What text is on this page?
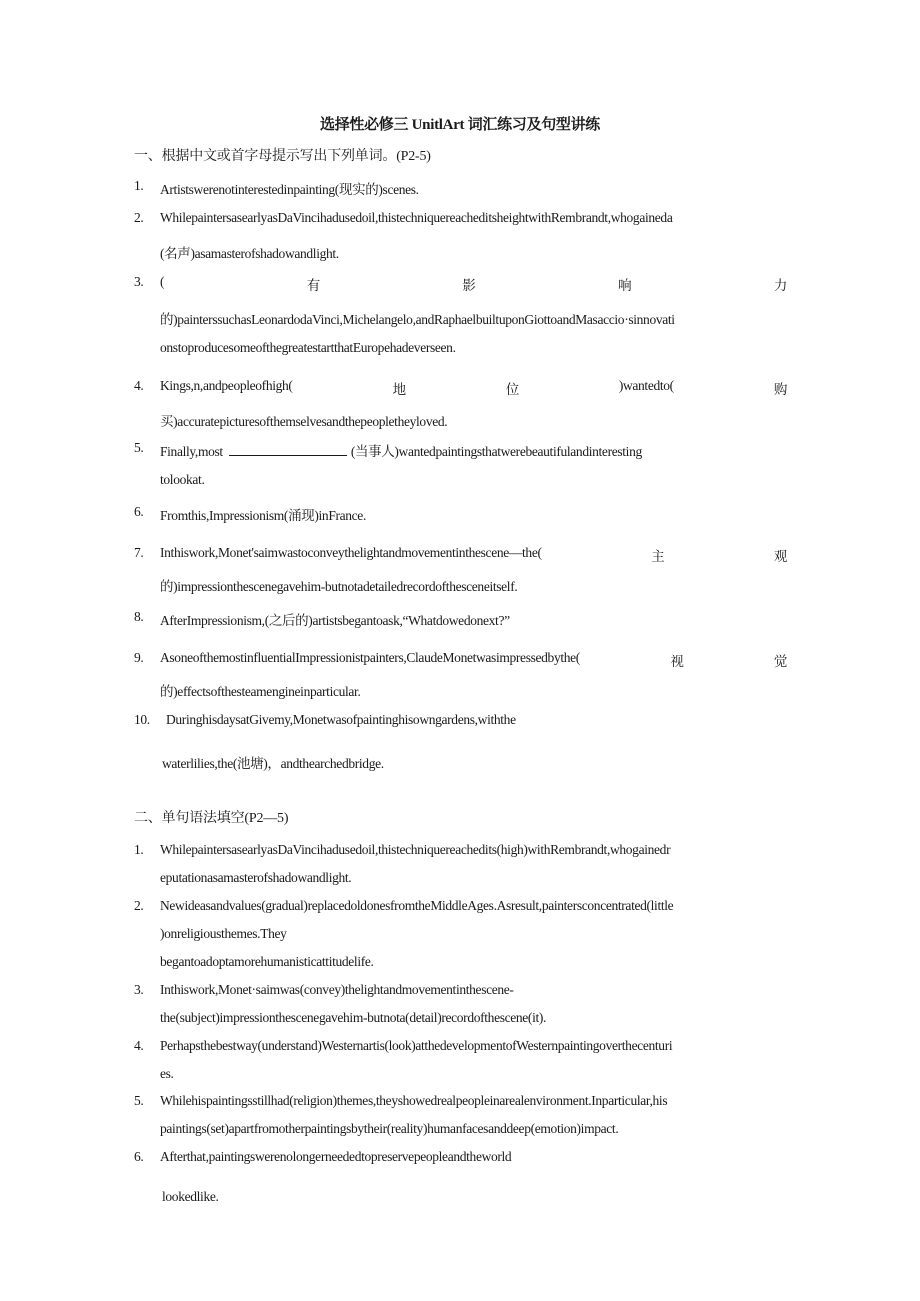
选择性必修三 UnitlArt 词汇练习及句型讲练
一、根据中文或首字母提示写出下列单词。(P2-5)
1. Artistswerenotinterestedinpainting(现实的)scenes.
2. WhilepaintersasearlyasDaVincihadusedoil,thistechniquereacheditsheightwithRembrandt,whogaineda
(名声)asamasterofshadowandlight.
3. (	有	影	响	力
的)painterssuchasLeonardodaVinci,Michelangelo,andRaphaelbuiltuponGiottoandMasaccio·sinnovati
onstoproducesomeofthegreatestartthatEuropehadeverseen.
4. Kings,n,andpeopleofhigh(	地	位	)wantedto(	购
买)accuratepicturesofthemselvesandthepeopletheyloved.
5. Finally,most	(当事人)wantedpaintingsthatwerebeautifulandinteresting
tolookat.
6. Fromthis,Impressionism(涌现)inFrance.
7. Inthiswork,Monet'saimwastoconveythelightandmovementinthescene—the(	主	观
的)impressionthescenegavehim-butnotadetailedrecordofthesceneitself.
8. AfterImpressionism,(之后的)artistsbegantoask,“Whatdowedonext?”
9. AsoneofthemostinfluentialImpressionistpainters,ClaudeMonetwasimpressedbythe(	视	觉
的)effectsofthesteamengineinparticular.
10. DuringhisdaysatGivemy,Monetwasofpaintinghisowngardens,withthe
waterlilies,the(池塘)，andthearchedbridge.
二、单句语法填空(P2—5)
1. WhilepaintersasearlyasDaVincihadusedoil,thistechniquereachedits(high)withRembrandt,whogainedr
eputationasamasterofshadowandlight.
2. Newideasandvalues(gradual)replacedoldonesfromtheMiddleAges.Asresult,paintersconcentrated(little
)onreligiousthemes.They
begantoadoptamorehumanisticattitudelife.
3. Inthiswork,Monet·saimwas(convey)thelightandmovementinthescene-
the(subject)impressionthescenegavehim-butnota(detail)recordofthescene(it).
4. Perhapsthebestway(understand)Westernartis(look)atthedevelopmentofWesternpaintingoverthecenturi
es.
5. Whilehispaintingsstillhad(religion)themes,theyshowedrealpeopleinarealenvironment.Inparticular,his
paintings(set)apartfromotherpaintingsbytheir(reality)humanfacesanddeep(emotion)impact.
6. Afterthat,paintingswerenolongerneededtopreservepeopleandtheworld
lookedlike.
